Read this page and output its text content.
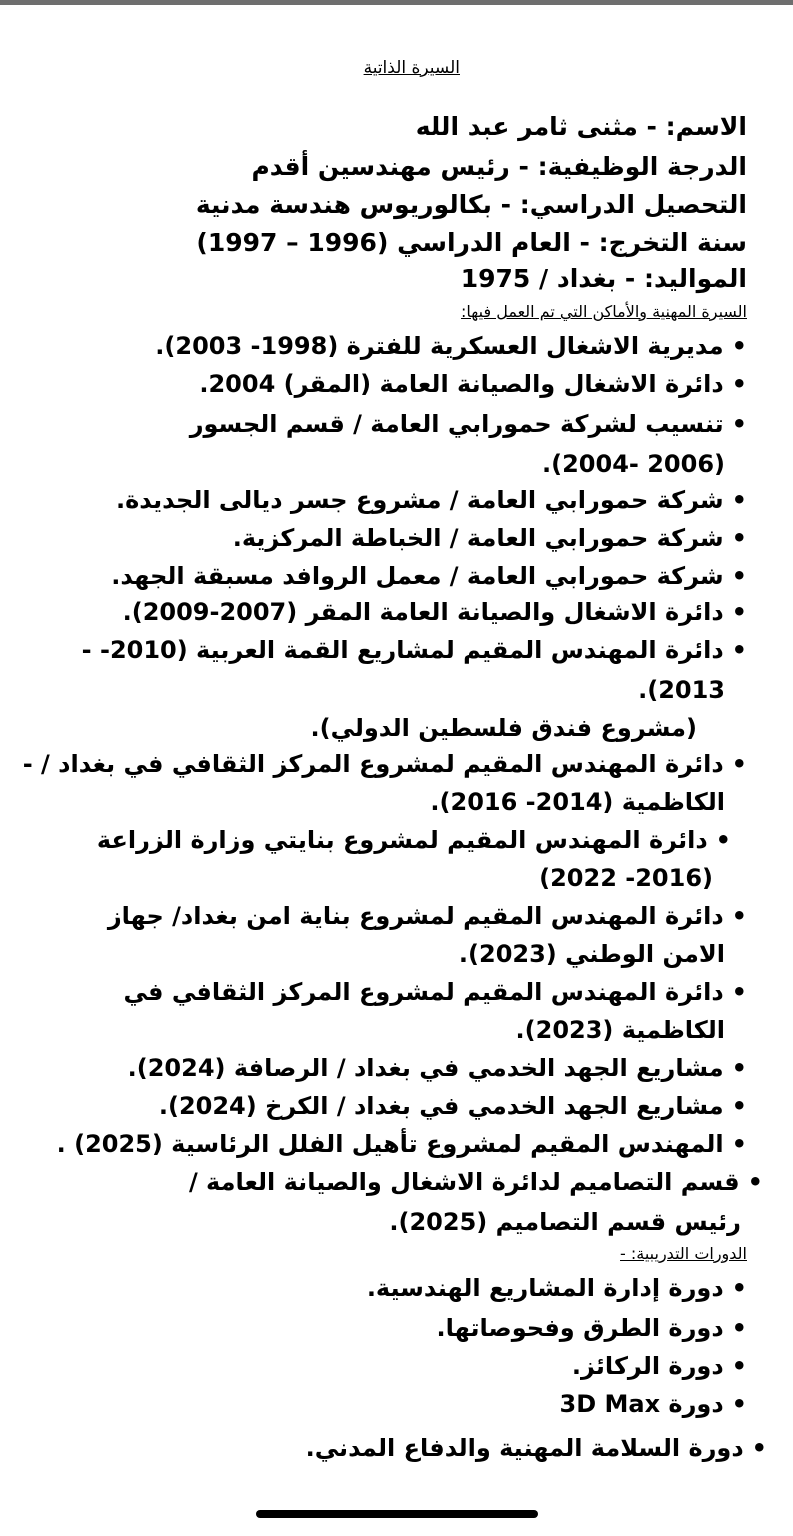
السيرة الذاتية
الاسم: - مثنى ثامر عبد الله
الدرجة الوظيفية: - رئيس مهندسين أقدم
التحصيل الدراسي: - بكالوريوس هندسة مدنية
سنة التخرج: - العام الدراسي (1996 – 1997)
المواليد: - بغداد / 1975
السيرة المهنية والأماكن التي تم العمل فيها:
•مديرية الاشغال العسكرية للفترة (1998- 2003).
•دائرة الاشغال والصيانة العامة (المقر) 2004.
•تنسيب لشركة حمورابي العامة / قسم الجسور
(2006 -2004).
•شركة حمورابي العامة / مشروع جسر ديالى الجديدة.
•شركة حمورابي العامة / الخباطة المركزية.
•شركة حمورابي العامة / معمل الروافد مسبقة الجهد.
•دائرة الاشغال والصيانة العامة المقر (2007-2009).
•دائرة المهندس المقيم لمشاريع القمة العربية (2010- -
2013).
(مشروع فندق فلسطين الدولي).
•دائرة المهندس المقيم لمشروع المركز الثقافي في بغداد / -
الكاظمية (2014- 2016).
•دائرة المهندس المقيم لمشروع بنايتي وزارة الزراعة
(2016- 2022)
•دائرة المهندس المقيم لمشروع بناية امن بغداد/ جهاز
الامن الوطني (2023).
•دائرة المهندس المقيم لمشروع المركز الثقافي في
الكاظمية (2023).
•مشاريع الجهد الخدمي في بغداد / الرصافة (2024).
•مشاريع الجهد الخدمي في بغداد / الكرخ (2024).
•المهندس المقيم لمشروع تأهيل الفلل الرئاسية (2025) .
•قسم التصاميم لدائرة الاشغال والصيانة العامة /
رئيس قسم التصاميم (2025).
الدورات التدريبية: -
•دورة إدارة المشاريع الهندسية.
•دورة الطرق وفحوصاتها.
•دورة الركائز.
•دورة 3D Max
•دورة السلامة المهنية والدفاع المدني.
